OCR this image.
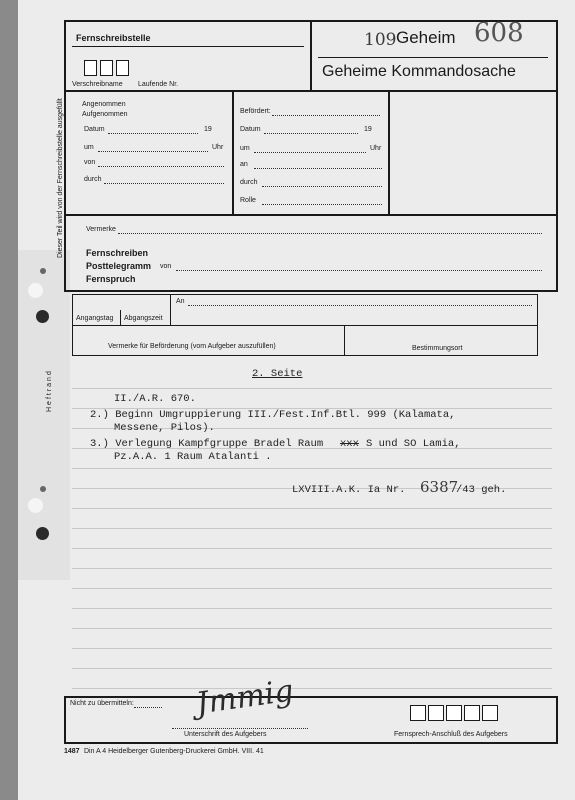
Dieser Teil wird von der Fernschreibstelle ausgefüllt
Heftrand
Fernschreibstelle	109 Geheim 608
Geheime Kommandosache
Verschreibname Laufende Nr.
Angenommen
Aufgenommen
Datum	19
um	Uhr
von
durch
Befördert:
Datum	19
um	Uhr
an
durch
Rolle
Vermerke
Fernschreiben
Posttelegramm von
Fernspruch
Angangstag Abgangszeit
An
Vermerke für Beförderung (vom Aufgeber auszufüllen)	Bestimmungsort
2. Seite
II./A.R. 670.
2.) Beginn Umgruppierung III./Fest.Inf.Btl. 999 (Kalamata,
Messene, Pilos).
3.) Verlegung Kampfgruppe Bradel Raum xxx S und SO Lamia,
Pz.A.A. 1 Raum Atalanti .
LXVIII.A.K. Ia Nr. 6387
/43 geh.
Nicht zu übermitteln: Jmmig
Unterschrift des Aufgebers	Fernsprech-Anschluß des Aufgebers
1487 Din A 4 Heidelberger Gutenberg-Druckerei GmbH. VIII. 41
